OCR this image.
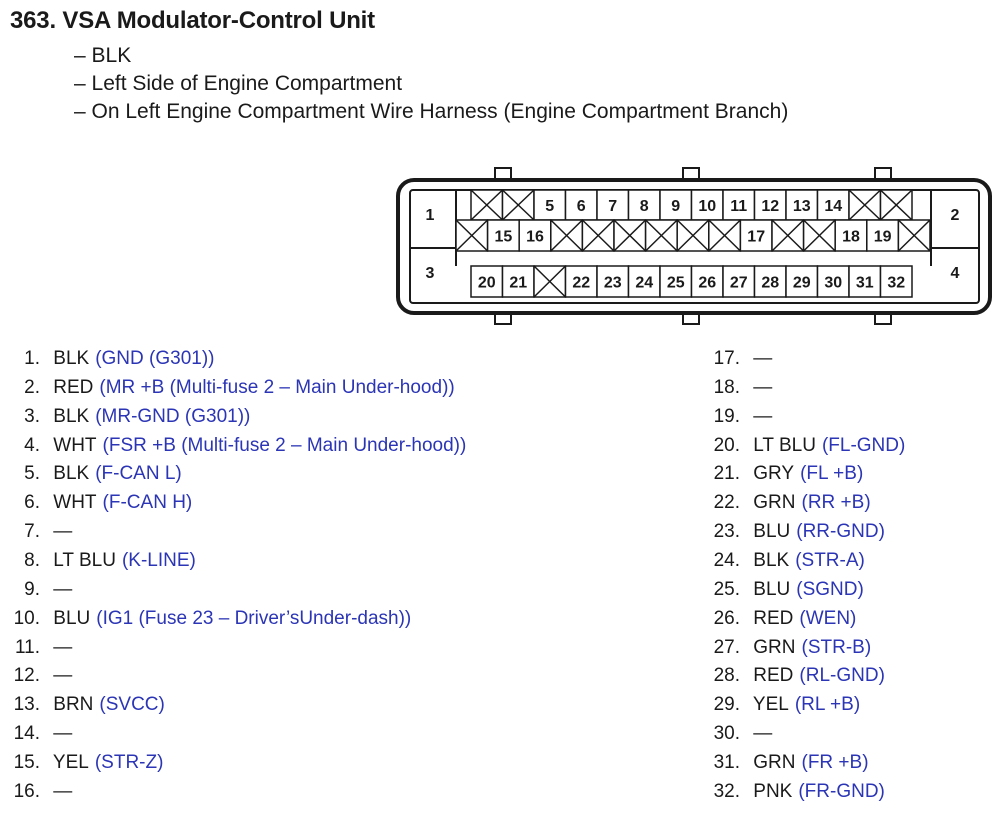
363. VSA Modulator-Control Unit
– BLK
– Left Side of Engine Compartment
– On Left Engine Compartment Wire Harness (Engine Compartment Branch)
1	2
3	4
5 6 7 8 9 10 11 12 13 14
15 16	17	18 19
20 21	22 23 24 25 26 27 28 29 30 31 32
1. BLK (GND (G301))
2. RED (MR +B (Multi-fuse 2 – Main Under-hood))
3. BLK (MR-GND (G301))
4. WHT (FSR +B (Multi-fuse 2 – Main Under-hood))
5. BLK (F-CAN L)
6. WHT (F-CAN H)
7. —
8. LT BLU (K-LINE)
9. —
10. BLU (IG1 (Fuse 23 – Driver’sUnder-dash))
11. —
12. —
13. BRN (SVCC)
14. —
15. YEL (STR-Z)
16. —
17. —
18. —
19. —
20. LT BLU (FL-GND)
21. GRY (FL +B)
22. GRN (RR +B)
23. BLU (RR-GND)
24. BLK (STR-A)
25. BLU (SGND)
26. RED (WEN)
27. GRN (STR-B)
28. RED (RL-GND)
29. YEL (RL +B)
30. —
31. GRN (FR +B)
32. PNK (FR-GND)
